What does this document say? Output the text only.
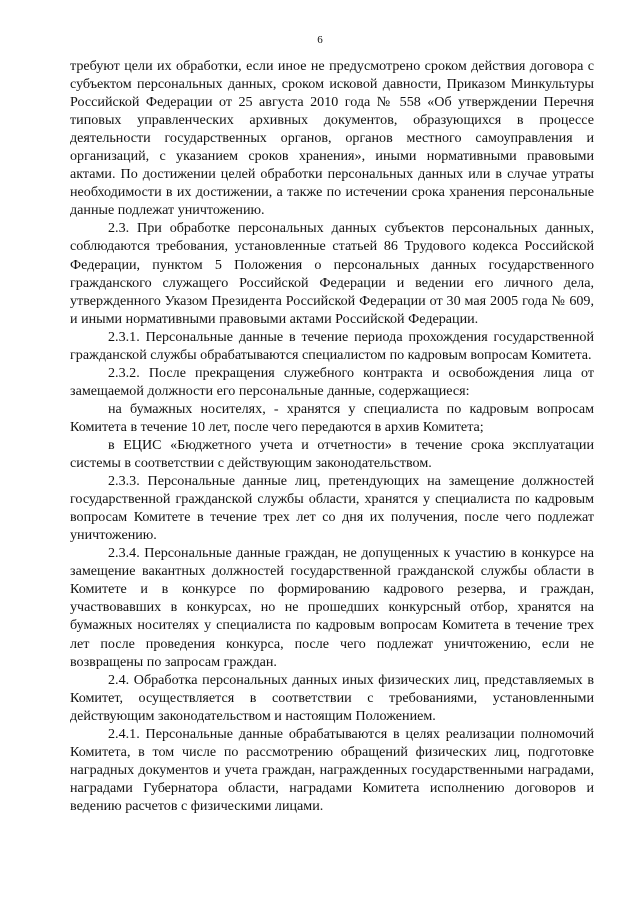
6

требуют цели их обработки, если иное не предусмотрено сроком действия договора с субъектом персональных данных, сроком исковой давности, Приказом Минкультуры Российской Федерации от 25 августа 2010 года № 558 «Об утверждении Перечня типовых управленческих архивных документов, образующихся в процессе деятельности государственных органов, органов местного самоуправления и организаций, с указанием сроков хранения», иными нормативными правовыми актами. По достижении целей обработки персональных данных или в случае утраты необходимости в их достижении, а также по истечении срока хранения персональные данные подлежат уничтожению.

2.3. При обработке персональных данных субъектов персональных данных, соблюдаются требования, установленные статьей 86 Трудового кодекса Российской Федерации, пунктом 5 Положения о персональных данных государственного гражданского служащего Российской Федерации и ведении его личного дела, утвержденного Указом Президента Российской Федерации от 30 мая 2005 года № 609, и иными нормативными правовыми актами Российской Федерации.

2.3.1. Персональные данные в течение периода прохождения государственной гражданской службы обрабатываются специалистом по кадровым вопросам Комитета.

2.3.2. После прекращения служебного контракта и освобождения лица от замещаемой должности его персональные данные, содержащиеся:

на бумажных носителях, - хранятся у специалиста по кадровым вопросам Комитета в течение 10 лет, после чего передаются в архив Комитета;

в ЕЦИС «Бюджетного учета и отчетности» в течение срока эксплуатации системы в соответствии с действующим законодательством.

2.3.3. Персональные данные лиц, претендующих на замещение должностей государственной гражданской службы области, хранятся у специалиста по кадровым вопросам Комитете в течение трех лет со дня их получения, после чего подлежат уничтожению.

2.3.4. Персональные данные граждан, не допущенных к участию в конкурсе на замещение вакантных должностей государственной гражданской службы области в Комитете и в конкурсе по формированию кадрового резерва, и граждан, участвовавших в конкурсах, но не прошедших конкурсный отбор, хранятся на бумажных носителях у специалиста по кадровым вопросам Комитета в течение трех лет после проведения конкурса, после чего подлежат уничтожению, если не возвращены по запросам граждан.

2.4. Обработка персональных данных иных физических лиц, представляемых в Комитет, осуществляется в соответствии с требованиями, установленными действующим законодательством и настоящим Положением.

2.4.1. Персональные данные обрабатываются в целях реализации полномочий Комитета, в том числе по рассмотрению обращений физических лиц, подготовке наградных документов и учета граждан, награжденных государственными наградами, наградами Губернатора области, наградами Комитета исполнению договоров и ведению расчетов с физическими лицами.
